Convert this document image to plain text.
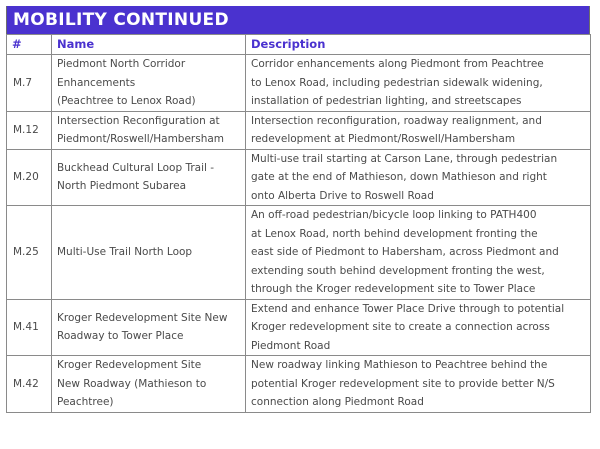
MOBILITY CONTINUED
#	Name	Description
M.7	Piedmont North Corridor
Enhancements
(Peachtree to Lenox Road)	Corridor enhancements along Piedmont from Peachtree
to Lenox Road, including pedestrian sidewalk widening,
installation of pedestrian lighting, and streetscapes
M.12	Intersection Reconfiguration at
Piedmont/Roswell/Hambersham	Intersection reconfiguration, roadway realignment, and
redevelopment at Piedmont/Roswell/Hambersham
M.20	Buckhead Cultural Loop Trail -
North Piedmont Subarea	Multi-use trail starting at Carson Lane, through pedestrian
gate at the end of Mathieson, down Mathieson and right
onto Alberta Drive to Roswell Road
M.25	Multi-Use Trail North Loop	An off-road pedestrian/bicycle loop linking to PATH400
at Lenox Road, north behind development fronting the
east side of Piedmont to Habersham, across Piedmont and
extending south behind development fronting the west,
through the Kroger redevelopment site to Tower Place
M.41	Kroger Redevelopment Site New
Roadway to Tower Place	Extend and enhance Tower Place Drive through to potential
Kroger redevelopment site to create a connection across
Piedmont Road
M.42	Kroger Redevelopment Site
New Roadway (Mathieson to
Peachtree)	New roadway linking Mathieson to Peachtree behind the
potential Kroger redevelopment site to provide better N/S
connection along Piedmont Road
